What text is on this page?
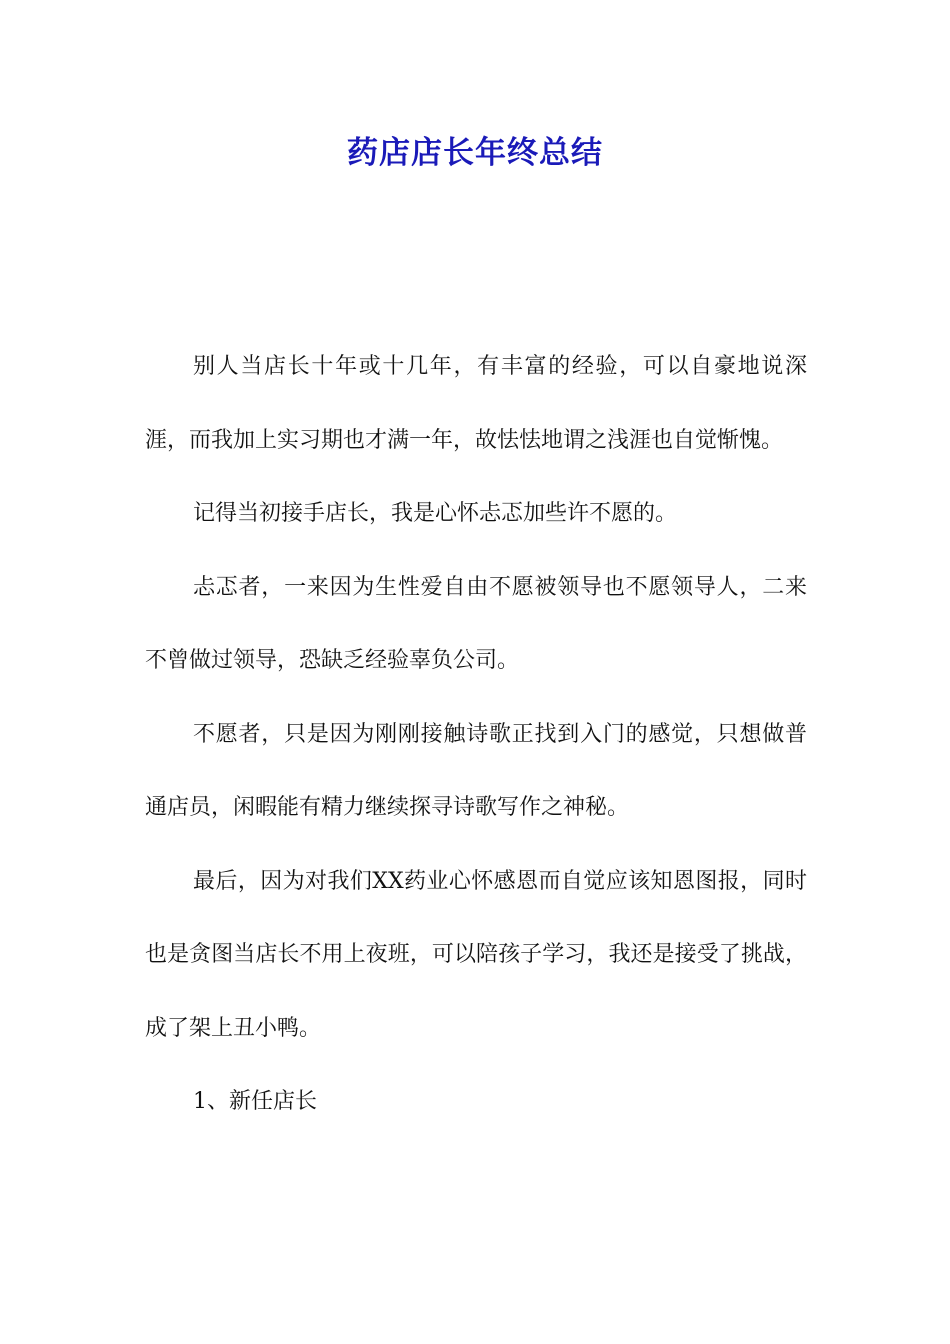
药店店长年终总结

别人当店长十年或十几年，有丰富的经验，可以自豪地说深涯，而我加上实习期也才满一年，故怯怯地谓之浅涯也自觉惭愧。

记得当初接手店长，我是心怀忐忑加些许不愿的。

忐忑者，一来因为生性爱自由不愿被领导也不愿领导人，二来不曾做过领导，恐缺乏经验辜负公司。

不愿者，只是因为刚刚接触诗歌正找到入门的感觉，只想做普通店员，闲暇能有精力继续探寻诗歌写作之神秘。

最后，因为对我们XX药业心怀感恩而自觉应该知恩图报，同时也是贪图当店长不用上夜班，可以陪孩子学习，我还是接受了挑战，成了架上丑小鸭。

1、新任店长
